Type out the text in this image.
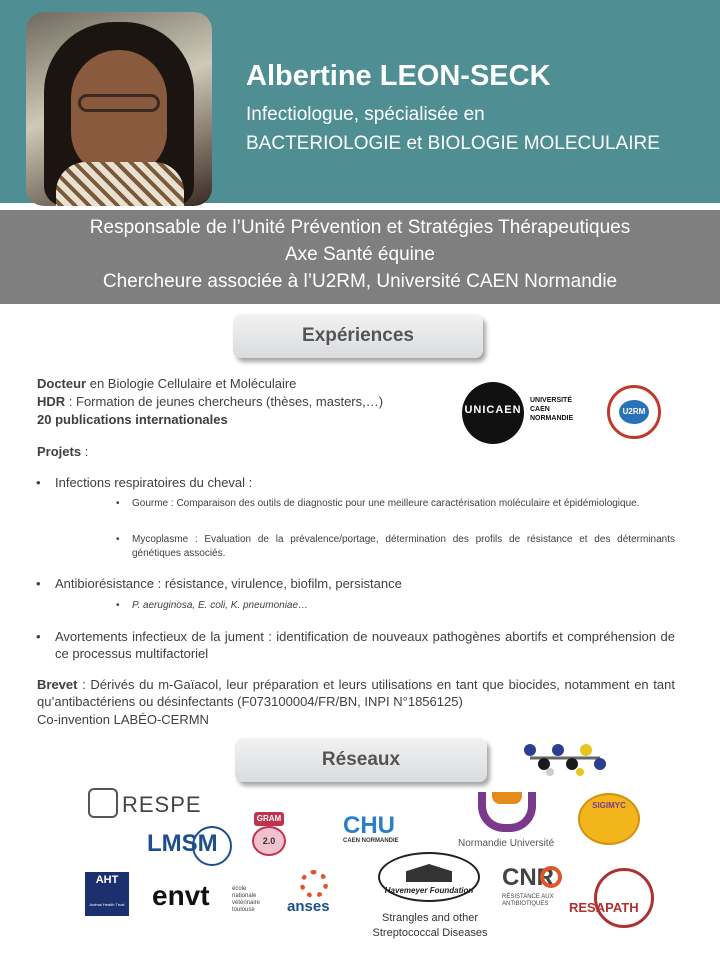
Albertine LEON-SECK
Infectiologue, spécialisée en
BACTERIOLOGIE et BIOLOGIE MOLECULAIRE
Responsable de l’Unité Prévention et Stratégies Thérapeutiques
Axe Santé équine
Chercheure associée à l’U2RM, Université CAEN Normandie
Expériences
Docteur en Biologie Cellulaire et Moléculaire
HDR : Formation de jeunes chercheurs (thèses, masters,…)
20 publications internationales
Projets :
UNICAEN
UNIVERSITÉ
CAEN
NORMANDIE
U2RM
• Infections respiratoires du cheval :
• Gourme : Comparaison des outils de diagnostic pour une meilleure caractérisation moléculaire et épidémiologique.
• Mycoplasme : Evaluation de la prévalence/portage, détermination des profils de résistance et des déterminants génétiques associés.
• Antibiorésistance : résistance, virulence, biofilm, persistance
• P. aeruginosa, E. coli, K. pneumoniae…
• Avortements infectieux de la jument : identification de nouveaux pathogènes abortifs et compréhension de ce processus multifactoriel
Brevet : Dérivés du m-Gaïacol, leur préparation et leurs utilisations en tant que biocides, notamment en tant qu’antibactériens ou désinfectants (F073100004/FR/BN, INPI N°1856125)
Co-invention LABÉO-CERMN
Réseaux
RESPE
LMSM
GRAM
2.0
CHU
CAEN NORMANDIE	Normandie Université
SIGIMYC
AHT
Animal Health Trust envt	école
nationale
vétérinaire
toulouse	anses
Havemeyer Foundation
Strangles and other
Streptococcal Diseases
CNR
RÉSISTANCE AUX
ANTIBIOTIQUES	RESAPATH
